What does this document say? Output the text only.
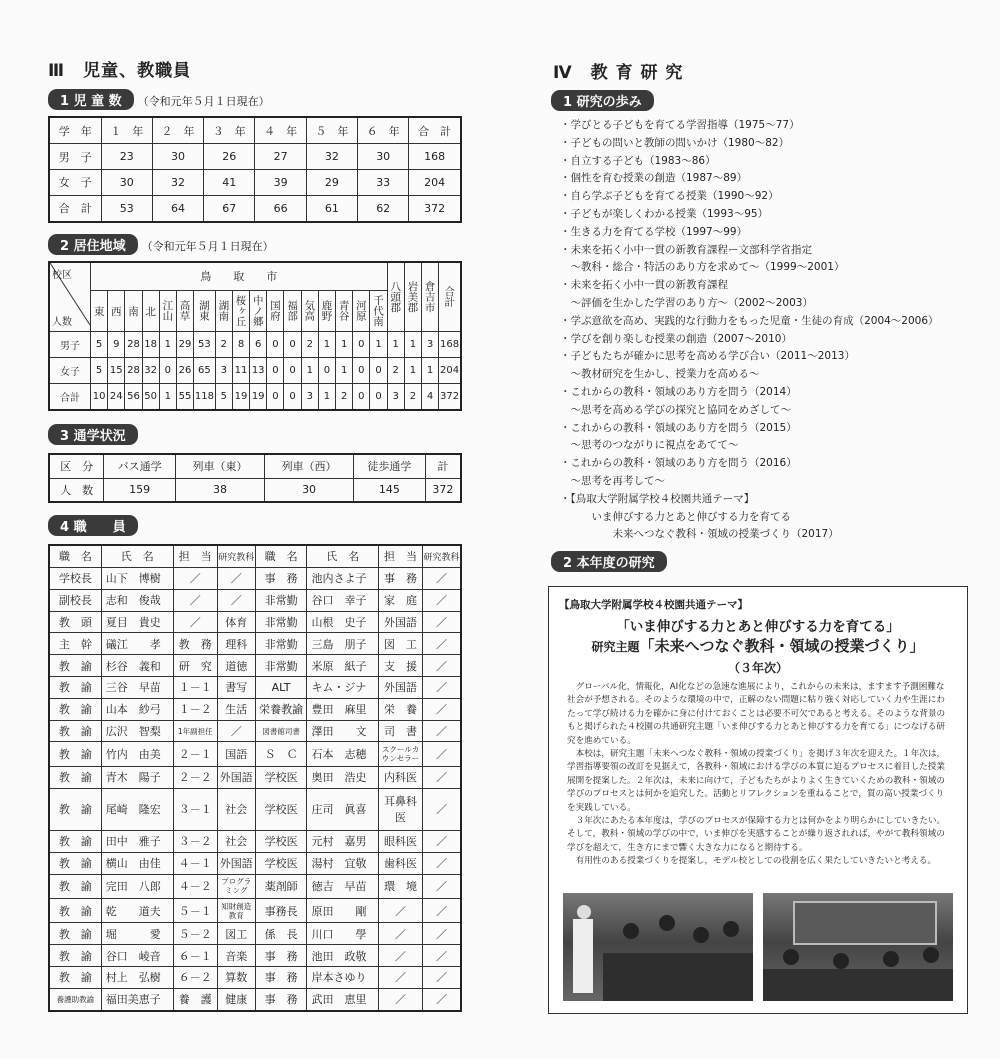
Ⅲ　児童、教職員
1 児 童 数 （令和元年５月１日現在）
学　年	１　年	２　年	３　年	４　年	５　年	６　年	合　計
男　子	23	30	26	27	32	30	168
女　子	30	32	41	39	29	33	204
合　計	53	64	67	66	61	62	372
2 居住地域 （令和元年５月１日現在）
校区
人数	鳥　　取　　市																	八頭郡	岩美郡	倉吉市	合計
	東	西	南	北	江山	高草	湖東	湖南	桜ヶ丘	中ノ郷	国府	福部	気高	鹿野	青谷	河原	千代南				
男子	5	9	28	18	1	29	53	2	8	6	0	0	2	1	1	0	1	1	1	3	168
女子	5	15	28	32	0	26	65	3	11	13	0	0	1	0	1	0	0	2	1	1	204
合計	10	24	56	50	1	55	118	5	19	19	0	0	3	1	2	0	0	3	2	4	372
3 通学状況
区　分	バス通学	列車（東）	列車（西）	徒歩通学	計
人　数	159	38	30	145	372
4 職　　員
職　名	氏　名	担　当	研究教科	職　名	氏　名	担　当	研究教科
学校長	山下　博樹	／	／	事　務	池内さよ子	事　務	／
副校長	志和　俊哉	／	／	非常勤	谷口　幸子	家　庭	／
教　頭	夏目　貴史	／	体育	非常勤	山根　史子	外国語	／
主　幹	礒江　　孝	教　務	理科	非常勤	三島　朋子	図　工	／
教　諭	杉谷　義和	研　究	道徳	非常勤	米原　紙子	支　援	／
教　諭	三谷　早苗	１－１	書写	ALT	キム・ジナ	外国語	／
教　諭	山本　紗弓	１－２	生活	栄養教諭	豊田　麻里	栄　養	／
教　諭	広沢　智梨	1年副担任	／	図書館司書	澤田　　文	司　書	／
教　諭	竹内　由美	２－１	国語	Ｓ　Ｃ	石本　志穂	スクールカウンセラー	／
教　諭	青木　陽子	２－２	外国語	学校医	奥田　浩史	内科医	／
教　諭	尾崎　隆宏	３－１	社会	学校医	庄司　眞喜	耳鼻科医	／
教　諭	田中　雅子	３－２	社会	学校医	元村　嘉男	眼科医	／
教　諭	横山　由佳	４－１	外国語	学校医	湯村　宜敬	歯科医	／
教　諭	完田　八郎	４－２	プログラミング	薬剤師	徳吉　早苗	環　境	／
教　諭	乾　　道夫	５－１	知財創造教育	事務長	原田　　剛	／	／
教　諭	堀　　　愛	５－２	図工	係　長	川口　　學	／	／
教　諭	谷口　崚音	６－１	音楽	事　務	池田　政敬	／	／
教　諭	村上　弘樹	６－２	算数	事　務	岸本さゆり	／	／
養護助教諭	福田美恵子	養　護	健康	事　務	武田　恵里	／	／
Ⅳ　教 育 研 究
1 研究の歩み
・学びとる子どもを育てる学習指導（1975～77）
・子どもの問いと教師の問いかけ（1980～82）
・自立する子ども（1983～86）
・個性を育む授業の創造（1987～89）
・自ら学ぶ子どもを育てる授業（1990～92）
・子どもが楽しくわかる授業（1993～95）
・生きる力を育てる学校（1997～99）
・未来を拓く小中一貫の新教育課程ー文部科学省指定
　～教科・総合・特活のあり方を求めて～（1999～2001）
・未来を拓く小中一貫の新教育課程
　～評価を生かした学習のあり方～（2002～2003）
・学ぶ意欲を高め、実践的な行動力をもった児童・生徒の育成（2004～2006）
・学びを創り楽しむ授業の創造（2007～2010）
・子どもたちが確かに思考を高める学び合い（2011～2013）
　～教材研究を生かし、授業力を高める～
・これからの教科・領域のあり方を問う（2014）
　～思考を高める学びの探究と協同をめざして～
・これからの教科・領域のあり方を問う（2015）
　～思考のつながりに視点をあてて～
・これからの教科・領域のあり方を問う（2016）
　～思考を再考して～
・【鳥取大学附属学校４校園共通テーマ】
　　　いま伸びする力とあと伸びする力を育てる
　　　　　未来へつなぐ教科・領域の授業づくり（2017）
2 本年度の研究
【鳥取大学附属学校４校園共通テーマ】
「いま伸びする力とあと伸びする力を育てる」
研究主題「未来へつなぐ教科・領域の授業づくり」
（３年次）
　グローバル化，情報化，AI化などの急速な進展により，これからの未来は，ますます予測困難な社会が予想される。そのような環境の中で，正解のない問題に粘り強く対応していく力や生涯にわたって学び続ける力を確かに身に付けておくことは必要不可欠であると考える。そのような背景のもと掲げられた４校園の共通研究主題「いま伸びする力とあと伸びする力を育てる」につなげる研究を進めている。
　本校は，研究主題「未来へつなぐ教科・領域の授業づくり」を掲げ３年次を迎えた。１年次は，学習指導要領の改訂を見据えて，各教科・領域における学びの本質に迫るプロセスに着目した授業展開を提案した。２年次は，未来に向けて，子どもたちがよりよく生きていくための教科・領域の学びのプロセスとは何かを追究した。活動とリフレクションを重ねることで，質の高い授業づくりを実践している。
　３年次にあたる本年度は，学びのプロセスが保障する力とは何かをより明らかにしていきたい。そして，教科・領域の学びの中で，いま伸びを実感することが繰り返されれば，やがて教科領域の学びを超えて，生き方にまで響く大きな力になると期待する。
　有用性のある授業づくりを提案し，モデル校としての役割を広く果たしていきたいと考える。
